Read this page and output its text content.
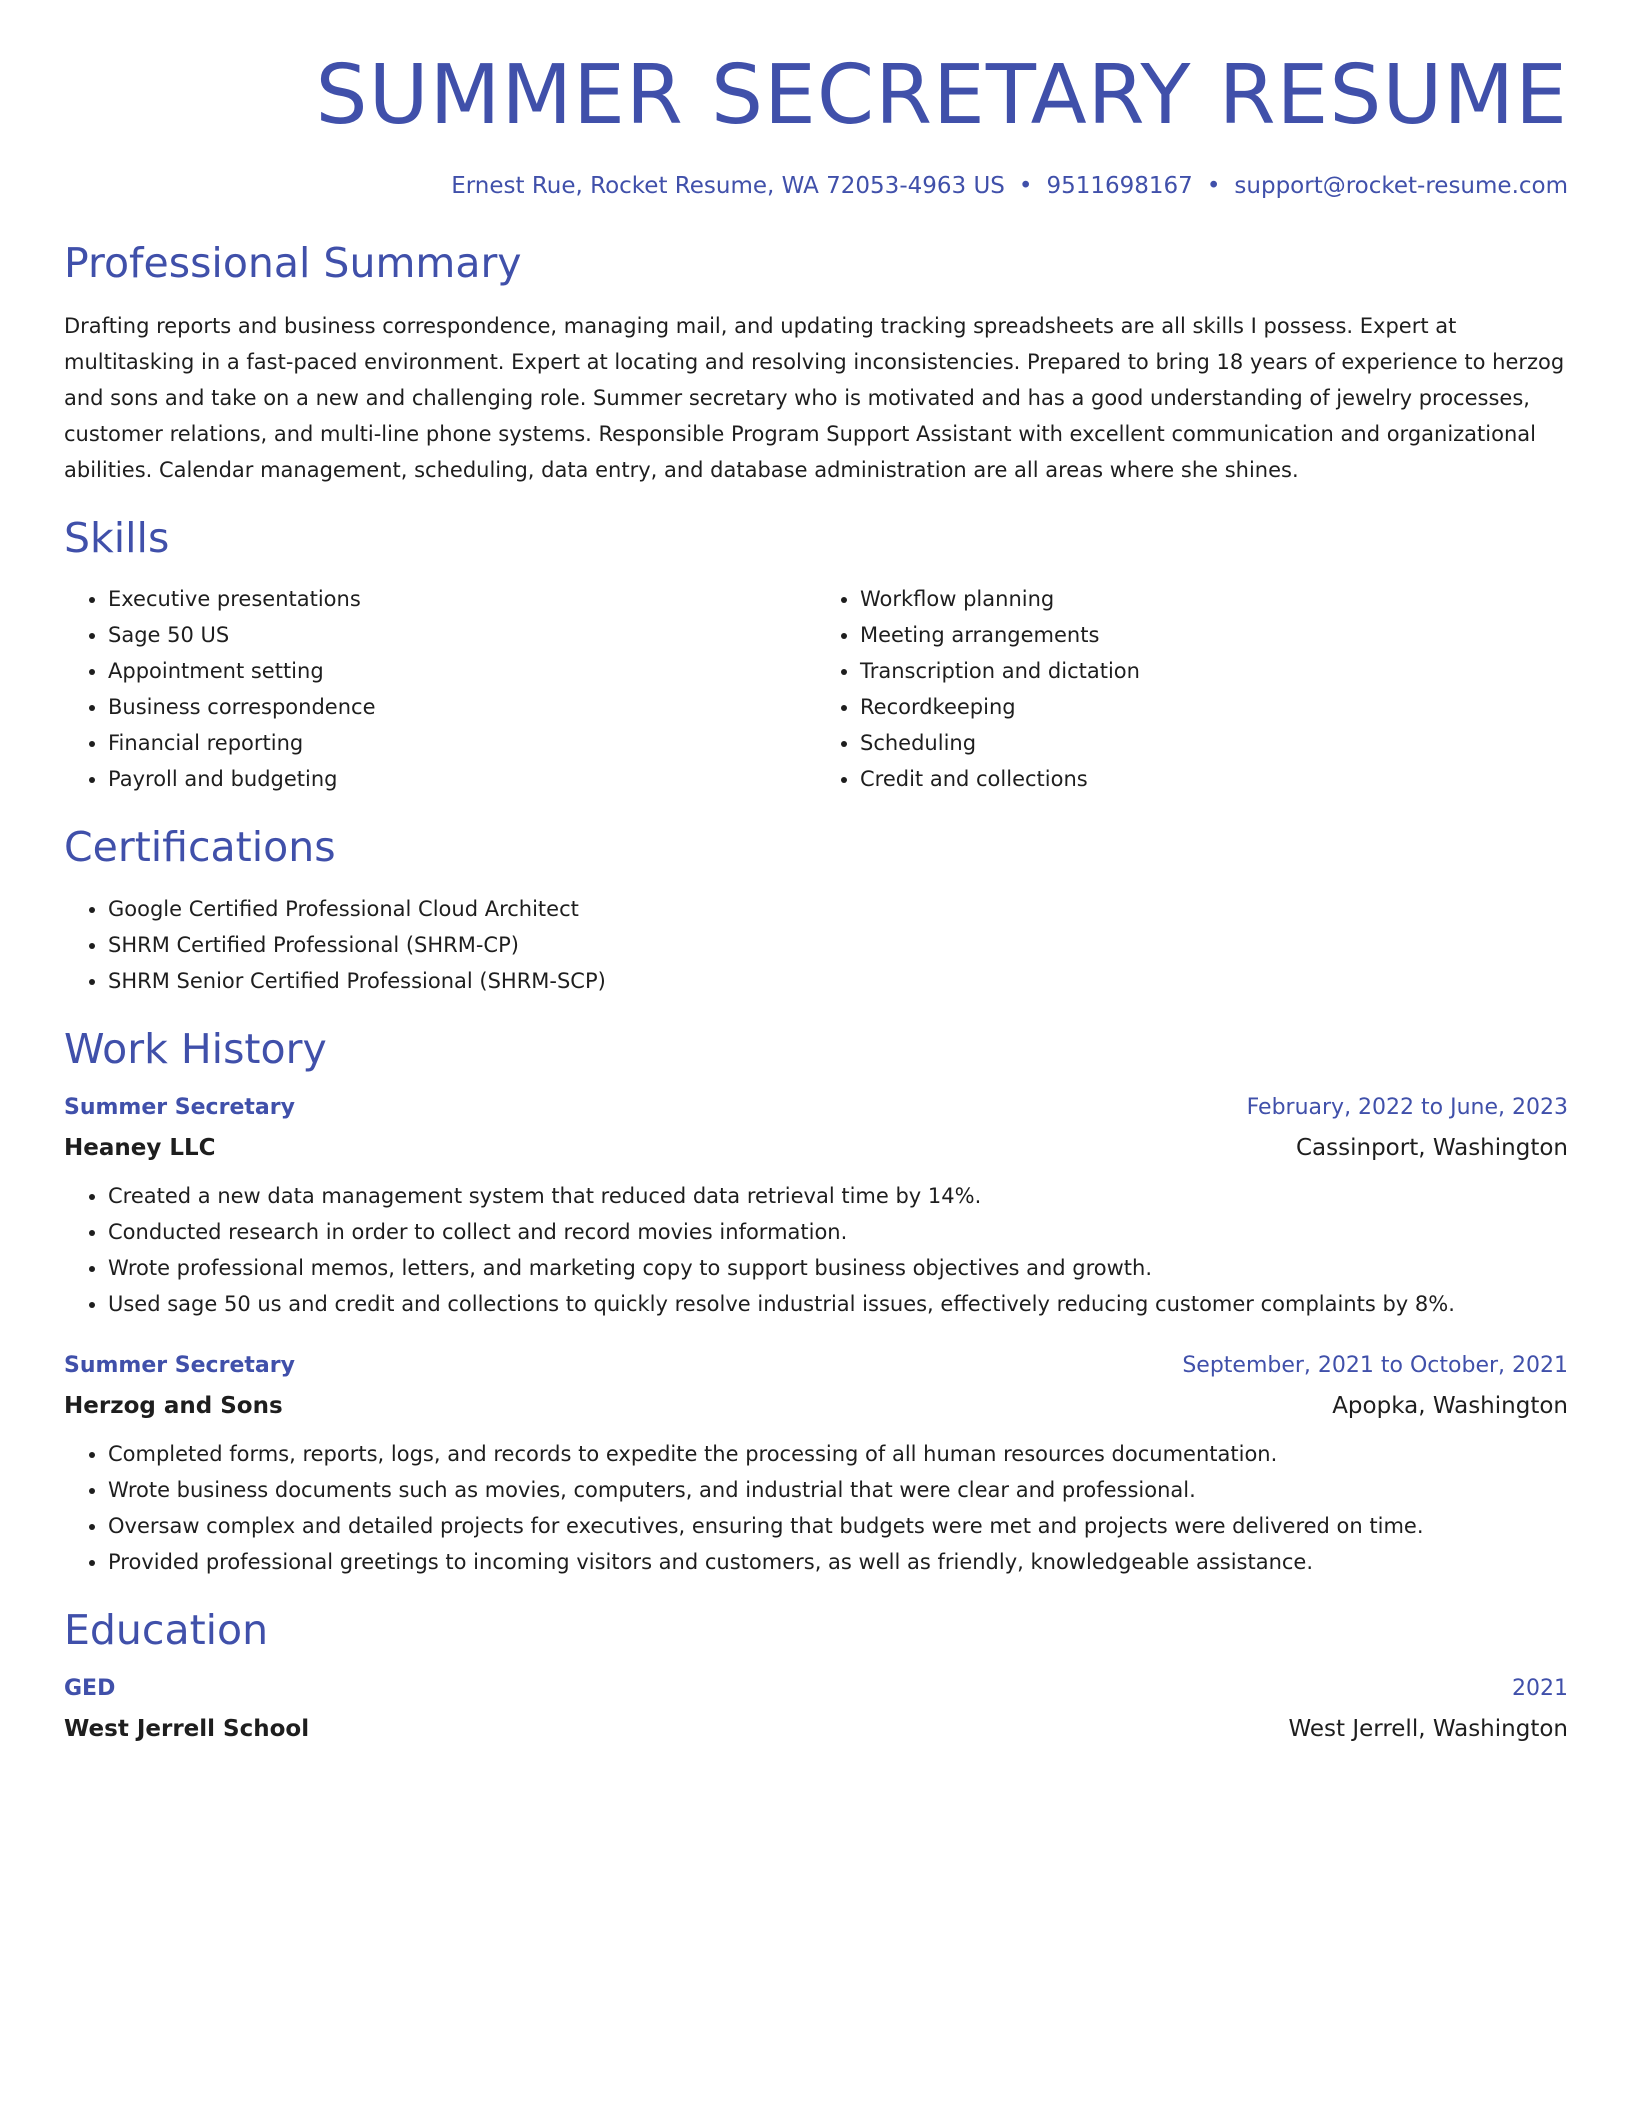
SUMMER SECRETARY RESUME
Ernest Rue, Rocket Resume, WA 72053-4963 US • 9511698167 • support@rocket-resume.com
Professional Summary

Drafting reports and business correspondence, managing mail, and updating tracking spreadsheets are all skills I possess. Expert at multitasking in a fast-paced environment. Expert at locating and resolving inconsistencies. Prepared to bring 18 years of experience to herzog and sons and take on a new and challenging role. Summer secretary who is motivated and has a good understanding of jewelry processes, customer relations, and multi-line phone systems. Responsible Program Support Assistant with excellent communication and organizational abilities. Calendar management, scheduling, data entry, and database administration are all areas where she shines.

Skills
• Executive presentations
• Sage 50 US
• Appointment setting
• Business correspondence
• Financial reporting
• Payroll and budgeting
• Workflow planning
• Meeting arrangements
• Transcription and dictation
• Recordkeeping
• Scheduling
• Credit and collections
Certifications
• Google Certified Professional Cloud Architect
• SHRM Certified Professional (SHRM-CP)
• SHRM Senior Certified Professional (SHRM-SCP)
Work History
Summer Secretary	February, 2022 to June, 2023
Heaney LLC	Cassinport, Washington
• Created a new data management system that reduced data retrieval time by 14%.
• Conducted research in order to collect and record movies information.
• Wrote professional memos, letters, and marketing copy to support business objectives and growth.
• Used sage 50 us and credit and collections to quickly resolve industrial issues, effectively reducing customer complaints by 8%.
Summer Secretary	September, 2021 to October, 2021
Herzog and Sons	Apopka, Washington
• Completed forms, reports, logs, and records to expedite the processing of all human resources documentation.
• Wrote business documents such as movies, computers, and industrial that were clear and professional.
• Oversaw complex and detailed projects for executives, ensuring that budgets were met and projects were delivered on time.
• Provided professional greetings to incoming visitors and customers, as well as friendly, knowledgeable assistance.
Education
GED	2021
West Jerrell School	West Jerrell, Washington
